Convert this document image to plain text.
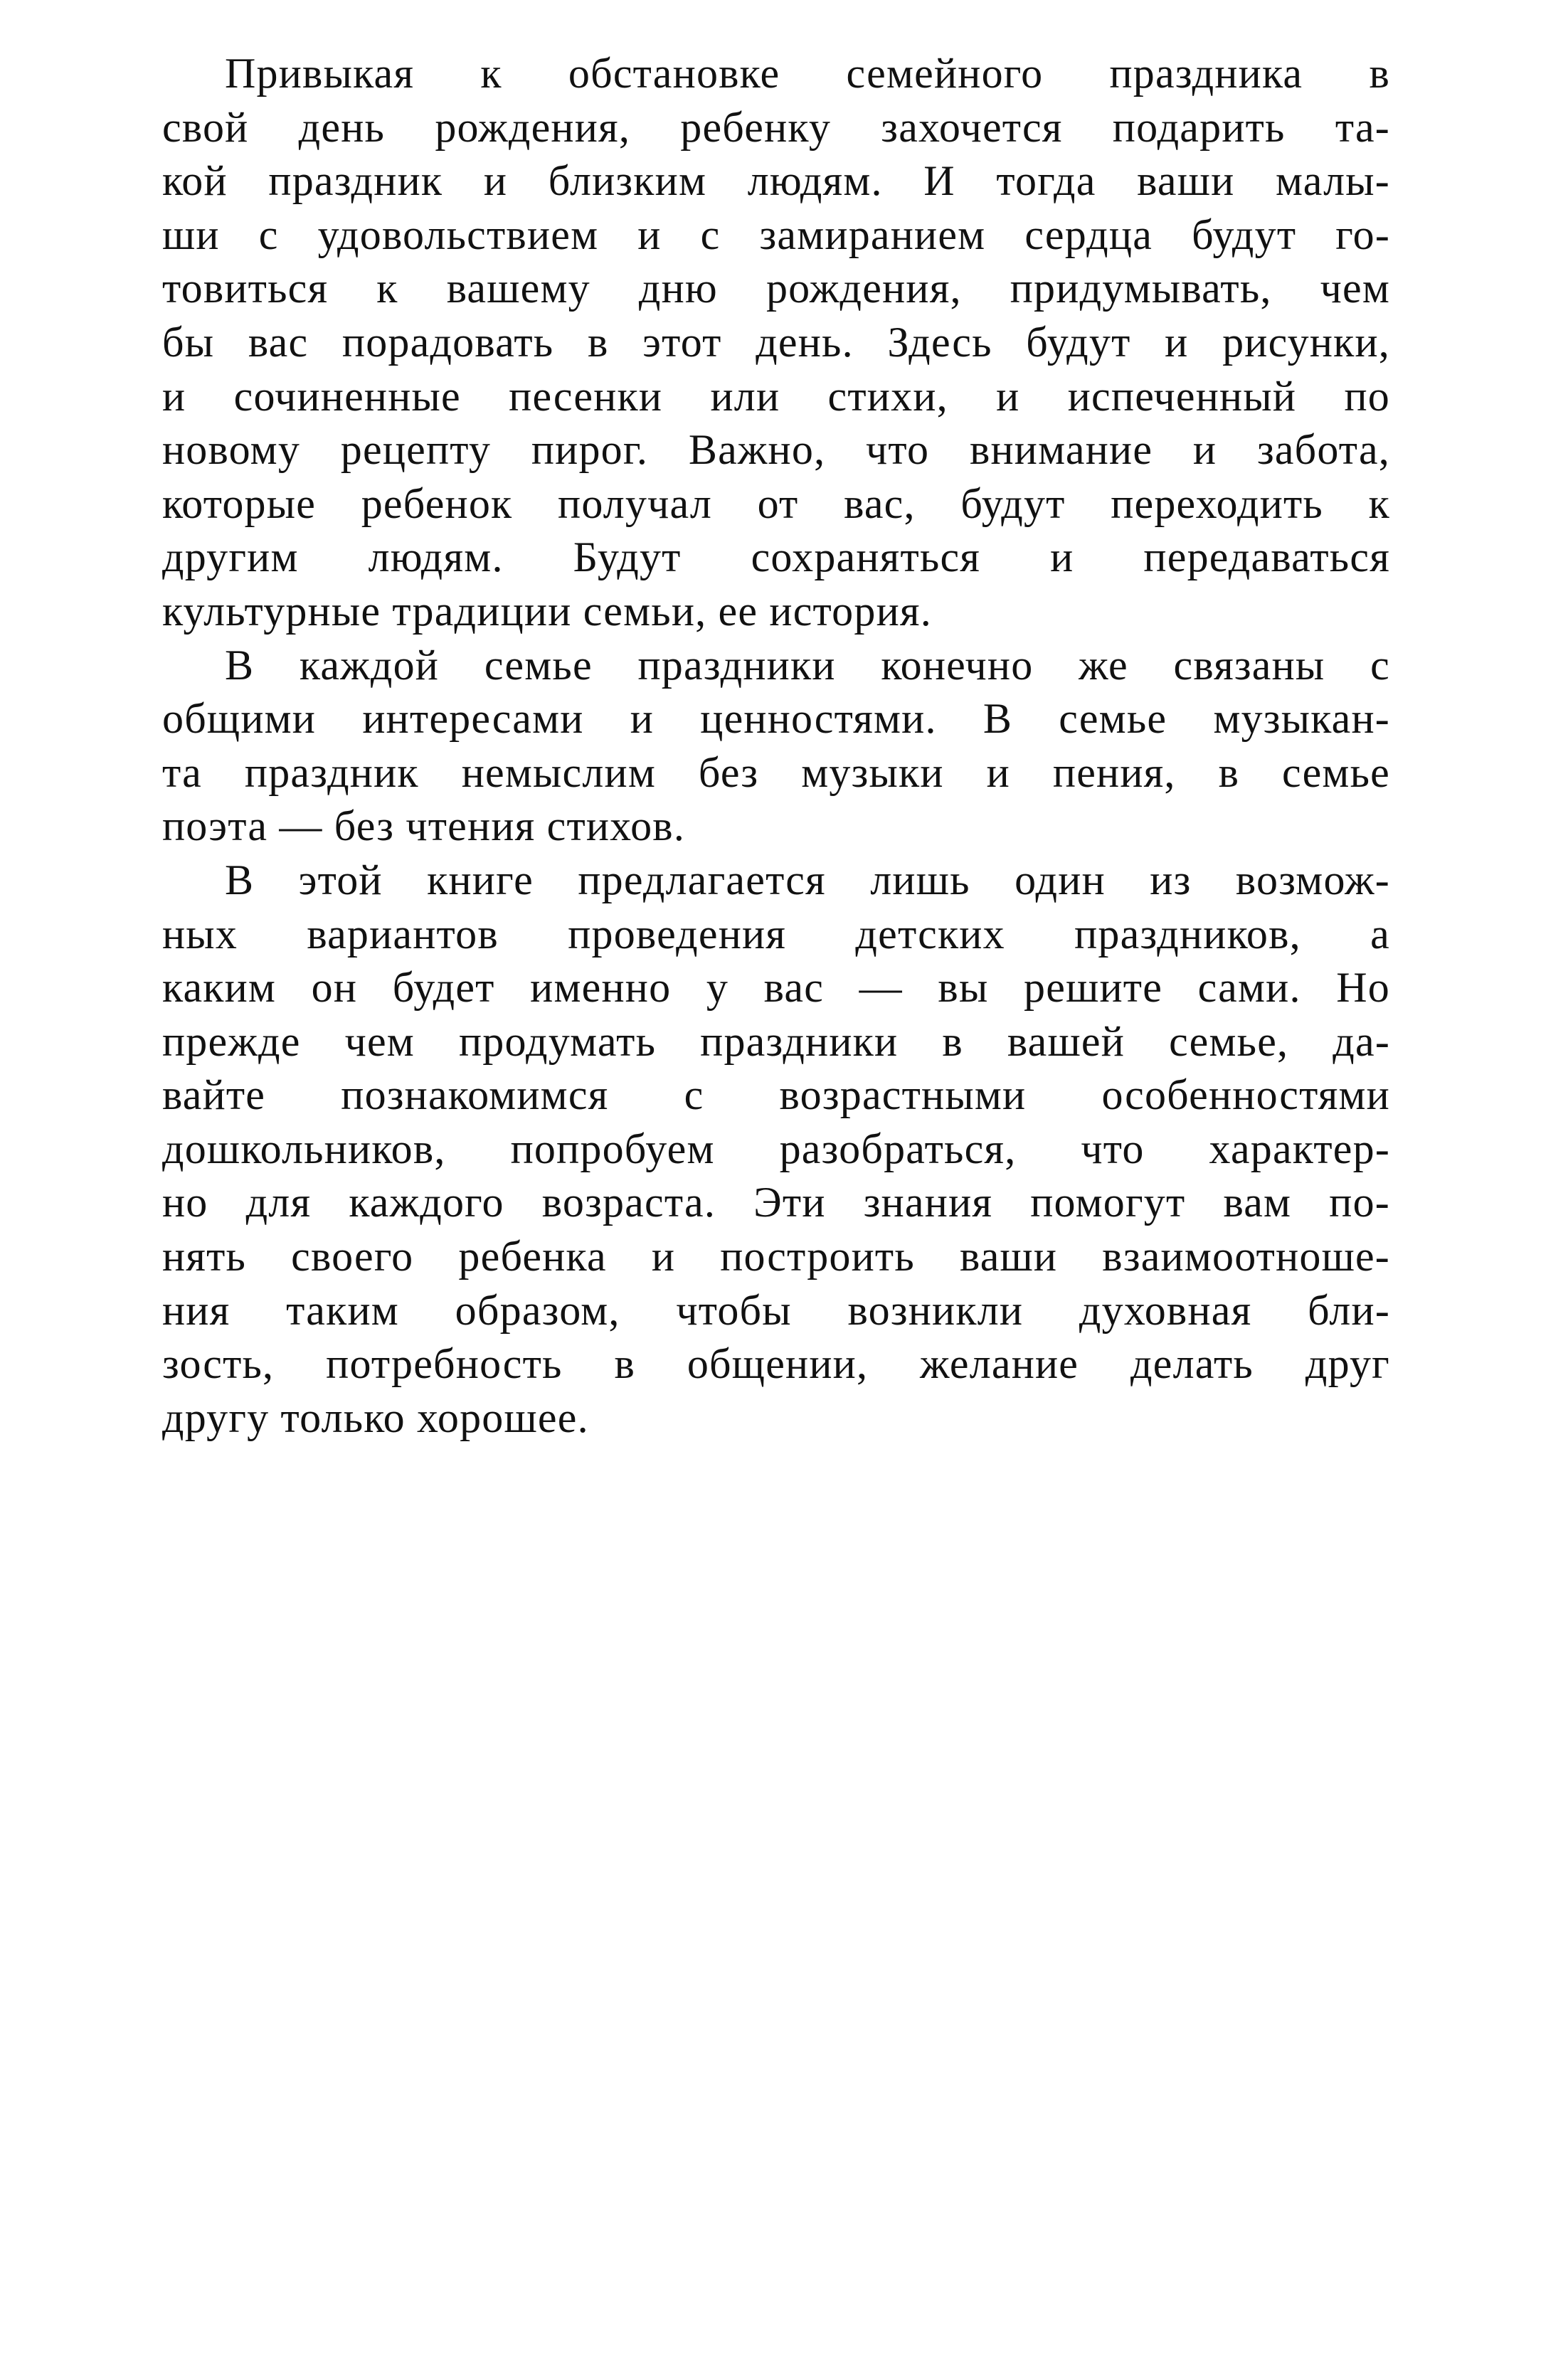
Привыкая к обстановке семейного праздника в
свой день рождения, ребенку захочется подарить та-
кой праздник и близким людям. И тогда ваши малы-
ши с удовольствием и с замиранием сердца будут го-
товиться к вашему дню рождения, придумывать, чем
бы вас порадовать в этот день. Здесь будут и рисунки,
и сочиненные песенки или стихи, и испеченный по
новому рецепту пирог. Важно, что внимание и забота,
которые ребенок получал от вас, будут переходить к
другим людям. Будут сохраняться и передаваться
культурные традиции семьи, ее история.
В каждой семье праздники конечно же связаны с
общими интересами и ценностями. В семье музыкан-
та праздник немыслим без музыки и пения, в семье
поэта — без чтения стихов.
В этой книге предлагается лишь один из возмож-
ных вариантов проведения детских праздников, а
каким он будет именно у вас — вы решите сами. Но
прежде чем продумать праздники в вашей семье, да-
вайте познакомимся с возрастными особенностями
дошкольников, попробуем разобраться, что характер-
но для каждого возраста. Эти знания помогут вам по-
нять своего ребенка и построить ваши взаимоотноше-
ния таким образом, чтобы возникли духовная бли-
зость, потребность в общении, желание делать друг
другу только хорошее.
